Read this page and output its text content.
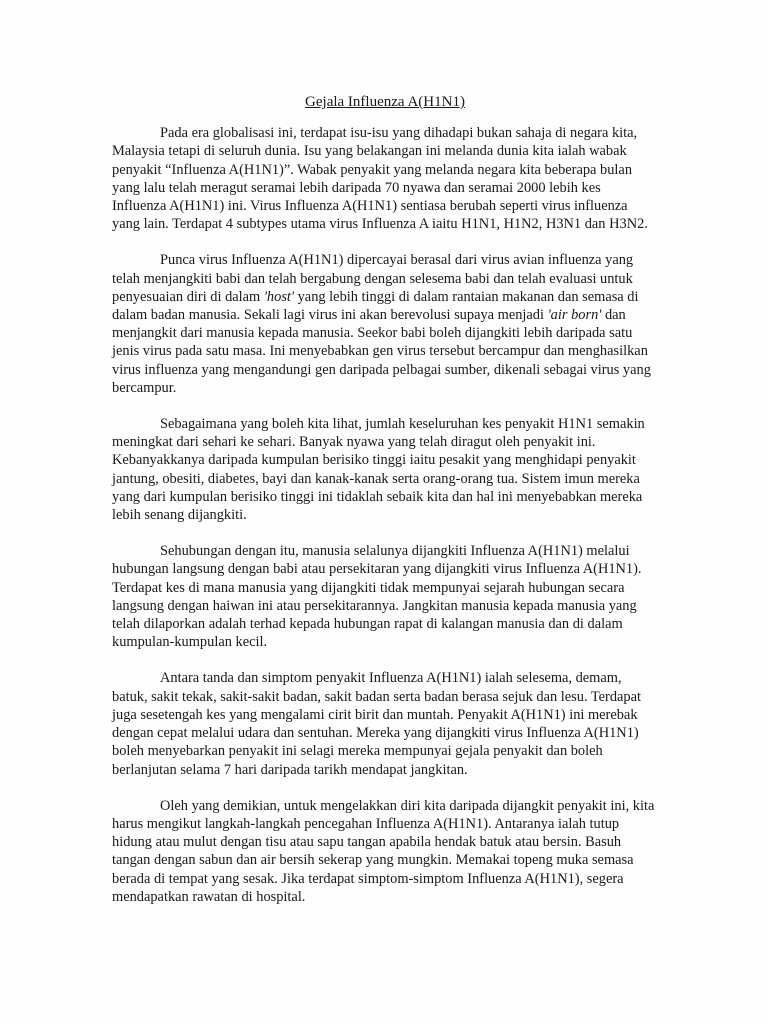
Gejala Influenza A(H1N1)

Pada era globalisasi ini, terdapat isu-isu yang dihadapi bukan sahaja di negara kita, Malaysia tetapi di seluruh dunia. Isu yang belakangan ini melanda dunia kita ialah wabak penyakit “Influenza A(H1N1)”. Wabak penyakit yang melanda negara kita beberapa bulan yang lalu telah meragut seramai lebih daripada 70 nyawa dan seramai 2000 lebih kes Influenza A(H1N1) ini. Virus Influenza A(H1N1) sentiasa berubah seperti virus influenza yang lain. Terdapat 4 subtypes utama virus Influenza A iaitu H1N1, H1N2, H3N1 dan H3N2.

Punca virus Influenza A(H1N1) dipercayai berasal dari virus avian influenza yang telah menjangkiti babi dan telah bergabung dengan selesema babi dan telah evaluasi untuk penyesuaian diri di dalam 'host' yang lebih tinggi di dalam rantaian makanan dan semasa di dalam badan manusia. Sekali lagi virus ini akan berevolusi supaya menjadi 'air born' dan menjangkit dari manusia kepada manusia. Seekor babi boleh dijangkiti lebih daripada satu jenis virus pada satu masa. Ini menyebabkan gen virus tersebut bercampur dan menghasilkan virus influenza yang mengandungi gen daripada pelbagai sumber, dikenali sebagai virus yang bercampur.

Sebagaimana yang boleh kita lihat, jumlah keseluruhan kes penyakit H1N1 semakin meningkat dari sehari ke sehari. Banyak nyawa yang telah diragut oleh penyakit ini. Kebanyakkanya daripada kumpulan berisiko tinggi iaitu pesakit yang menghidapi penyakit jantung, obesiti, diabetes, bayi dan kanak-kanak serta orang-orang tua. Sistem imun mereka yang dari kumpulan berisiko tinggi ini tidaklah sebaik kita dan hal ini menyebabkan mereka lebih senang dijangkiti.

Sehubungan dengan itu, manusia selalunya dijangkiti Influenza A(H1N1) melalui hubungan langsung dengan babi atau persekitaran yang dijangkiti virus Influenza A(H1N1). Terdapat kes di mana manusia yang dijangkiti tidak mempunyai sejarah hubungan secara langsung dengan haiwan ini atau persekitarannya. Jangkitan manusia kepada manusia yang telah dilaporkan adalah terhad kepada hubungan rapat di kalangan manusia dan di dalam kumpulan-kumpulan kecil.

Antara tanda dan simptom penyakit Influenza A(H1N1) ialah selesema, demam, batuk, sakit tekak, sakit-sakit badan, sakit badan serta badan berasa sejuk dan lesu. Terdapat juga sesetengah kes yang mengalami cirit birit dan muntah. Penyakit A(H1N1) ini merebak dengan cepat melalui udara dan sentuhan. Mereka yang dijangkiti virus Influenza A(H1N1) boleh menyebarkan penyakit ini selagi mereka mempunyai gejala penyakit dan boleh berlanjutan selama 7 hari daripada tarikh mendapat jangkitan.

Oleh yang demikian, untuk mengelakkan diri kita daripada dijangkit penyakit ini, kita harus mengikut langkah-langkah pencegahan Influenza A(H1N1). Antaranya ialah tutup hidung atau mulut dengan tisu atau sapu tangan apabila hendak batuk atau bersin. Basuh tangan dengan sabun dan air bersih sekerap yang mungkin. Memakai topeng muka semasa berada di tempat yang sesak. Jika terdapat simptom-simptom Influenza A(H1N1), segera mendapatkan rawatan di hospital.
